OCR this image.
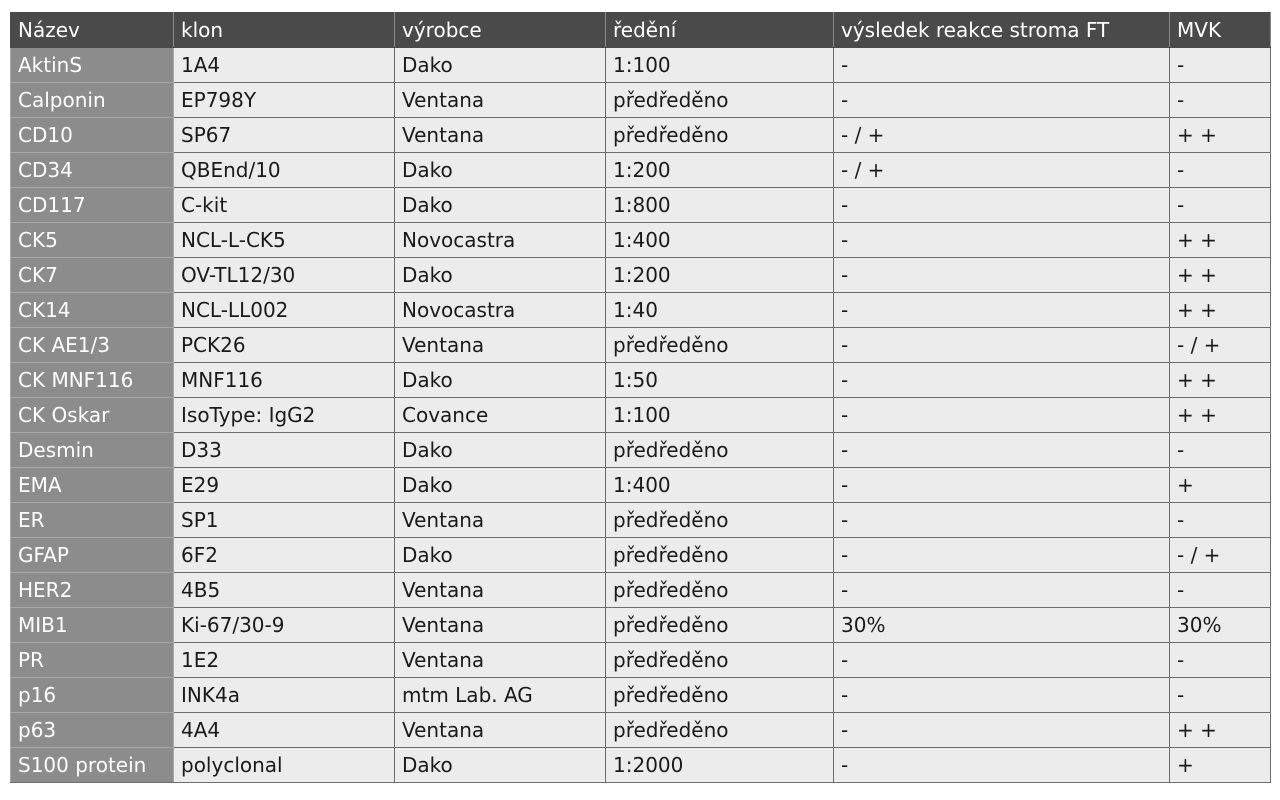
Název	klon	výrobce	ředění	výsledek reakce stroma FT	MVK
AktinS	1A4	Dako	1:100	-	-
Calponin	EP798Y	Ventana	předředěno	-	-
CD10	SP67	Ventana	předředěno	- / +	+ +
CD34	QBEnd/10	Dako	1:200	- / +	-
CD117	C-kit	Dako	1:800	-	-
CK5	NCL-L-CK5	Novocastra	1:400	-	+ +
CK7	OV-TL12/30	Dako	1:200	-	+ +
CK14	NCL-LL002	Novocastra	1:40	-	+ +
CK AE1/3	PCK26	Ventana	předředěno	-	- / +
CK MNF116	MNF116	Dako	1:50	-	+ +
CK Oskar	IsoType: IgG2	Covance	1:100	-	+ +
Desmin	D33	Dako	předředěno	-	-
EMA	E29	Dako	1:400	-	+
ER	SP1	Ventana	předředěno	-	-
GFAP	6F2	Dako	předředěno	-	- / +
HER2	4B5	Ventana	předředěno	-	-
MIB1	Ki-67/30-9	Ventana	předředěno	30%	30%
PR	1E2	Ventana	předředěno	-	-
p16	INK4a	mtm Lab. AG	předředěno	-	-
p63	4A4	Ventana	předředěno	-	+ +
S100 protein	polyclonal	Dako	1:2000	-	+
